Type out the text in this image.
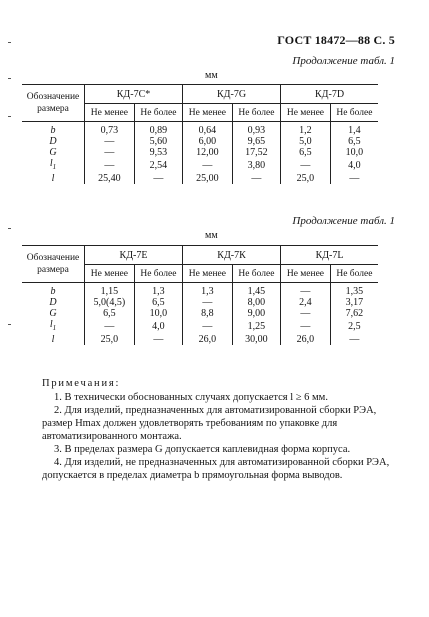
ГОСТ 18472—88 С. 5
Продолжение табл. 1
мм
Обозначение размера	КД-7С*		КД-7G		КД-7D	
	Не менее	Не более	Не менее	Не более	Не менее	Не более
b	0,73	0,89	0,64	0,93	1,2	1,4
D	—	5,60	6,00	9,65	5,0	6,5
G	—	9,53	12,00	17,52	6,5	10,0
$l_1$	—	2,54	—	3,80	—	4,0
l	25,40	—	25,00	—	25,0	—
Продолжение табл. 1
мм
Обозначение размера	КД-7Е		КД-7К		КД-7L	
	Не менее	Не более	Не менее	Не более	Не менее	Не более
b	1,15	1,3	1,3	1,45	—	1,35
D	5,0(4,5)	6,5	—	8,00	2,4	3,17
G	6,5	10,0	8,8	9,00	—	7,62
$l_1$	—	4,0	—	1,25	—	2,5
l	25,0	—	26,0	30,00	26,0	—
Примечания:

1. В технически обоснованных случаях допускается l ≥ 6 мм.

2. Для изделий, предназначенных для автоматизированной сборки РЭА, размер Hmax должен удовлетворять требованиям по упаковке для автоматизированного монтажа.

3. В пределах размера G допускается каплевидная форма корпуса.

4. Для изделий, не предназначенных для автоматизированной сборки РЭА, допускается в пределах диаметра b прямоугольная форма выводов.
